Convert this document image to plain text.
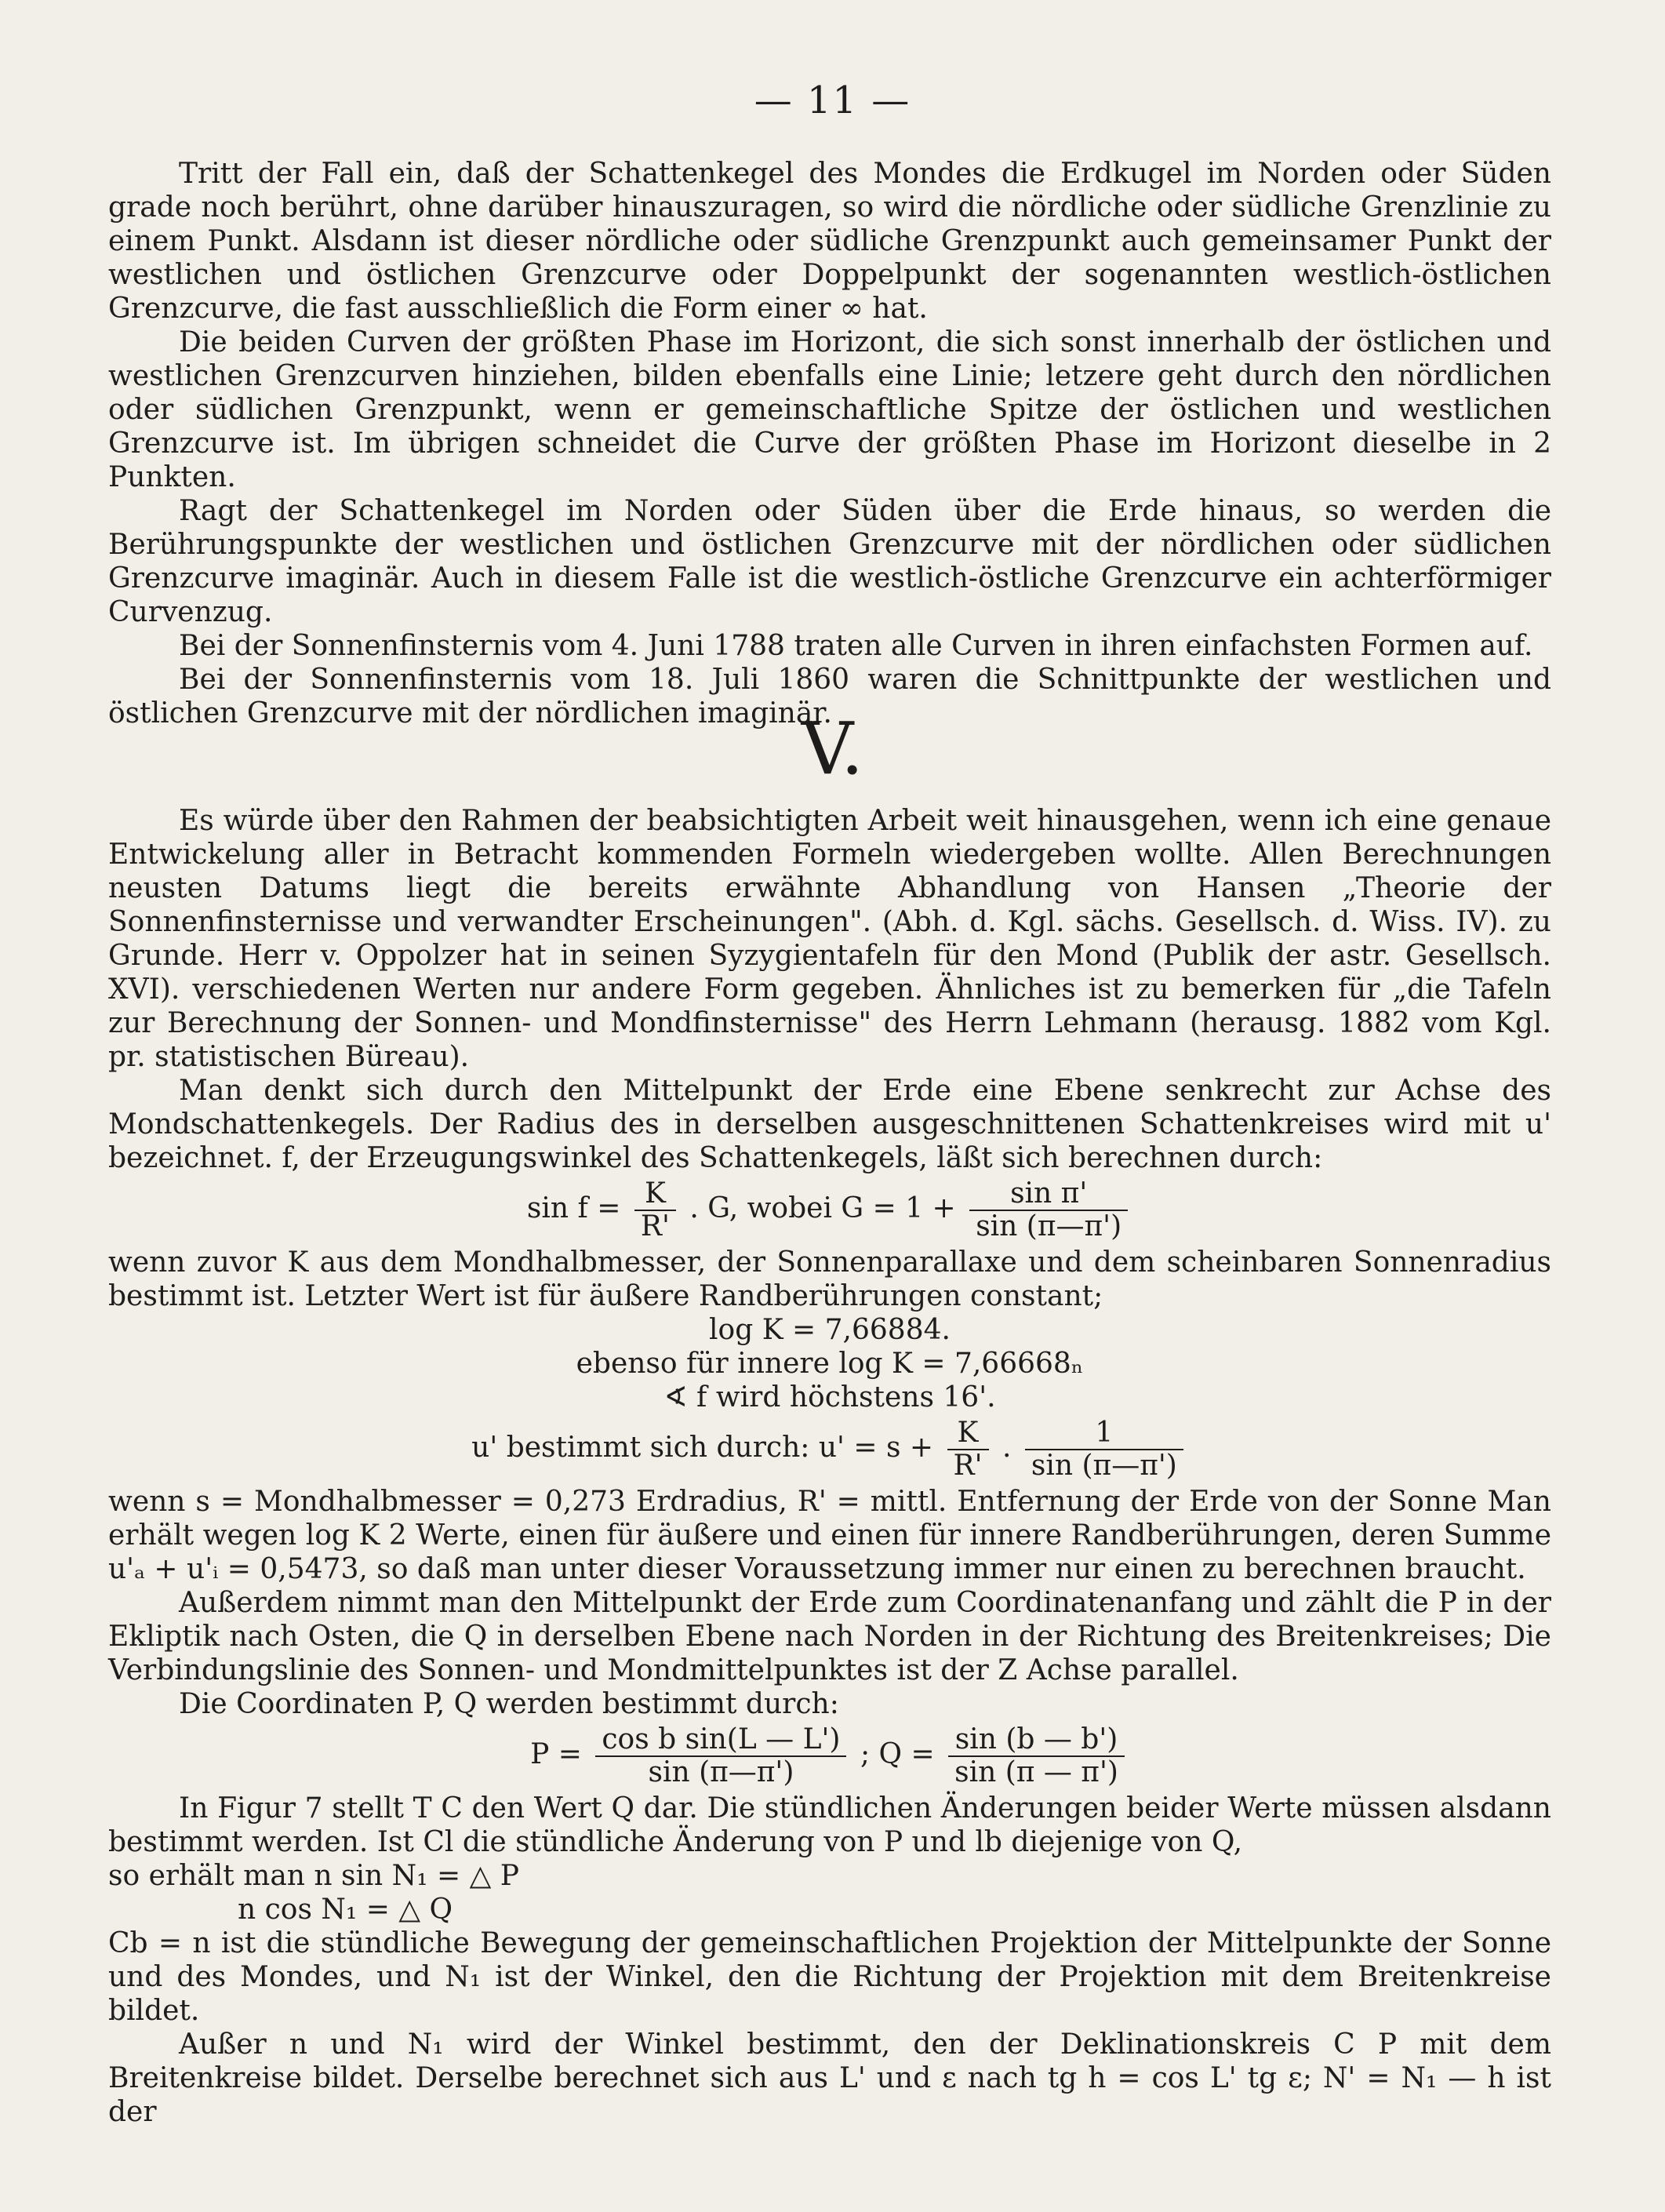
— 11 —

Tritt der Fall ein, daß der Schattenkegel des Mondes die Erdkugel im Norden oder Süden grade noch berührt, ohne darüber hinauszuragen, so wird die nördliche oder südliche Grenzlinie zu einem Punkt. Alsdann ist dieser nördliche oder südliche Grenzpunkt auch gemeinsamer Punkt der westlichen und östlichen Grenzcurve oder Doppelpunkt der sogenannten westlich-östlichen Grenzcurve, die fast ausschließlich die Form einer ∞ hat.

Die beiden Curven der größten Phase im Horizont, die sich sonst innerhalb der östlichen und westlichen Grenzcurven hinziehen, bilden ebenfalls eine Linie; letzere geht durch den nördlichen oder südlichen Grenzpunkt, wenn er gemeinschaftliche Spitze der östlichen und westlichen Grenzcurve ist. Im übrigen schneidet die Curve der größten Phase im Horizont dieselbe in 2 Punkten.

Ragt der Schattenkegel im Norden oder Süden über die Erde hinaus, so werden die Berührungspunkte der westlichen und östlichen Grenzcurve mit der nördlichen oder südlichen Grenzcurve imaginär. Auch in diesem Falle ist die westlich-östliche Grenzcurve ein achterförmiger Curvenzug.

Bei der Sonnenfinsternis vom 4. Juni 1788 traten alle Curven in ihren einfachsten Formen auf.

Bei der Sonnenfinsternis vom 18. Juli 1860 waren die Schnittpunkte der westlichen und östlichen Grenzcurve mit der nördlichen imaginär.

V.

Es würde über den Rahmen der beabsichtigten Arbeit weit hinausgehen, wenn ich eine genaue Entwickelung aller in Betracht kommenden Formeln wiedergeben wollte. Allen Berechnungen neusten Datums liegt die bereits erwähnte Abhandlung von Hansen „Theorie der Sonnenfinsternisse und verwandter Erscheinungen". (Abh. d. Kgl. sächs. Gesellsch. d. Wiss. IV). zu Grunde. Herr v. Oppolzer hat in seinen Syzygientafeln für den Mond (Publik der astr. Gesellsch. XVI). verschiedenen Werten nur andere Form gegeben. Ähnliches ist zu bemerken für „die Tafeln zur Berechnung der Sonnen- und Mondfinsternisse" des Herrn Lehmann (herausg. 1882 vom Kgl. pr. statistischen Büreau).

Man denkt sich durch den Mittelpunkt der Erde eine Ebene senkrecht zur Achse des Mondschattenkegels. Der Radius des in derselben ausgeschnittenen Schattenkreises wird mit u' bezeichnet. f, der Erzeugungswinkel des Schattenkegels, läßt sich berechnen durch:

$\sin f = \frac{K}{R'}$ . G, wobei $G = 1 + \frac{\text{sin π'}}{\sin (\pi—\pi')}$

wenn zuvor K aus dem Mondhalbmesser, der Sonnenparallaxe und dem scheinbaren Sonnenradius bestimmt ist. Letzter Wert ist für äußere Randberührungen constant;

log K = 7,66884.

ebenso für innere log K = 7,66668ₙ

∢ f wird höchstens 16'.

u' bestimmt sich durch: $u' = s + \frac{K}{R'}$ . $\frac{1}{\sin (\pi—\pi')}$

wenn s = Mondhalbmesser = 0,273 Erdradius, R' = mittl. Entfernung der Erde von der Sonne Man erhält wegen log K 2 Werte, einen für äußere und einen für innere Randberührungen, deren Summe u'ₐ + u'ᵢ = 0,5473, so daß man unter dieser Voraussetzung immer nur einen zu berechnen braucht.

Außerdem nimmt man den Mittelpunkt der Erde zum Coordinatenanfang und zählt die P in der Ekliptik nach Osten, die Q in derselben Ebene nach Norden in der Richtung des Breitenkreises; Die Verbindungslinie des Sonnen- und Mondmittelpunktes ist der Z Achse parallel.

Die Coordinaten P, Q werden bestimmt durch:

$P = \frac{\text{cos b sin(L — L')}}{\sin (\pi—\pi')}$ ; $Q = \frac{\sin (b — b')}{\sin (\pi — \pi')}$

In Figur 7 stellt T C den Wert Q dar. Die stündlichen Änderungen beider Werte müssen alsdann bestimmt werden. Ist Cl die stündliche Änderung von P und lb diejenige von Q,

so erhält man n sin N₁ = △ P

n cos N₁ = △ Q

Cb = n ist die stündliche Bewegung der gemeinschaftlichen Projektion der Mittelpunkte der Sonne und des Mondes, und N₁ ist der Winkel, den die Richtung der Projektion mit dem Breitenkreise bildet.

Außer n und N₁ wird der Winkel bestimmt, den der Deklinationskreis C P mit dem Breitenkreise bildet. Derselbe berechnet sich aus L' und ε nach tg h = cos L' tg ε; N' = N₁ — h ist der
